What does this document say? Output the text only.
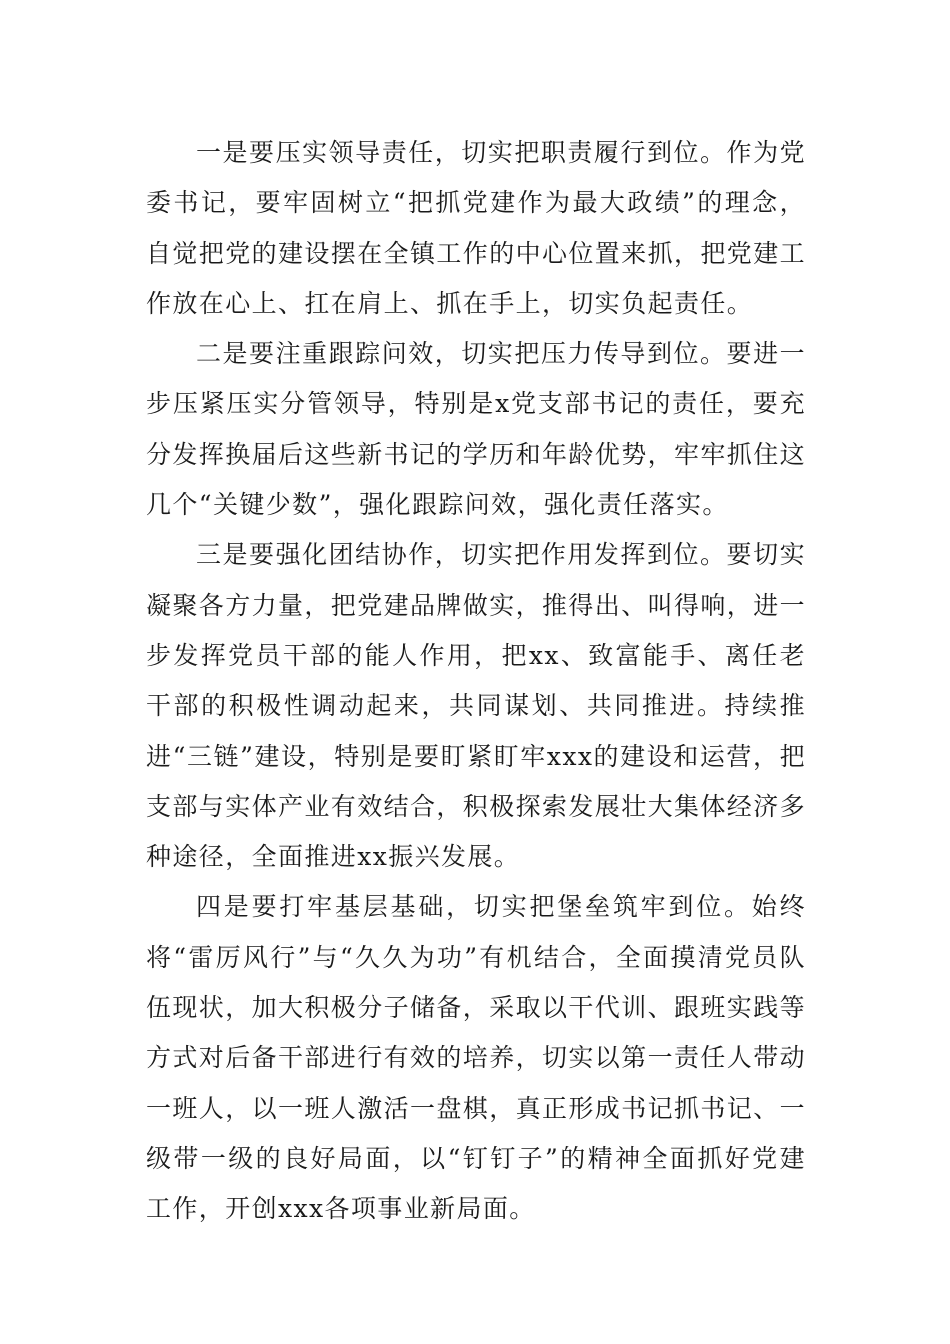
一是要压实领导责任，切实把职责履行到位。作为党委书记，要牢固树立“把抓党建作为最大政绩”的理念，自觉把党的建设摆在全镇工作的中心位置来抓，把党建工作放在心上、扛在肩上、抓在手上，切实负起责任。

二是要注重跟踪问效，切实把压力传导到位。要进一步压紧压实分管领导，特别是x党支部书记的责任，要充分发挥换届后这些新书记的学历和年龄优势，牢牢抓住这几个“关键少数”，强化跟踪问效，强化责任落实。

三是要强化团结协作，切实把作用发挥到位。要切实凝聚各方力量，把党建品牌做实，推得出、叫得响，进一步发挥党员干部的能人作用，把xx、致富能手、离任老干部的积极性调动起来，共同谋划、共同推进。持续推进“三链”建设，特别是要盯紧盯牢xxx的建设和运营，把支部与实体产业有效结合，积极探索发展壮大集体经济多种途径，全面推进xx振兴发展。

四是要打牢基层基础，切实把堡垒筑牢到位。始终将“雷厉风行”与“久久为功”有机结合，全面摸清党员队伍现状，加大积极分子储备，采取以干代训、跟班实践等方式对后备干部进行有效的培养，切实以第一责任人带动一班人，以一班人激活一盘棋，真正形成书记抓书记、一级带一级的良好局面，以“钉钉子”的精神全面抓好党建工作，开创xxx各项事业新局面。
